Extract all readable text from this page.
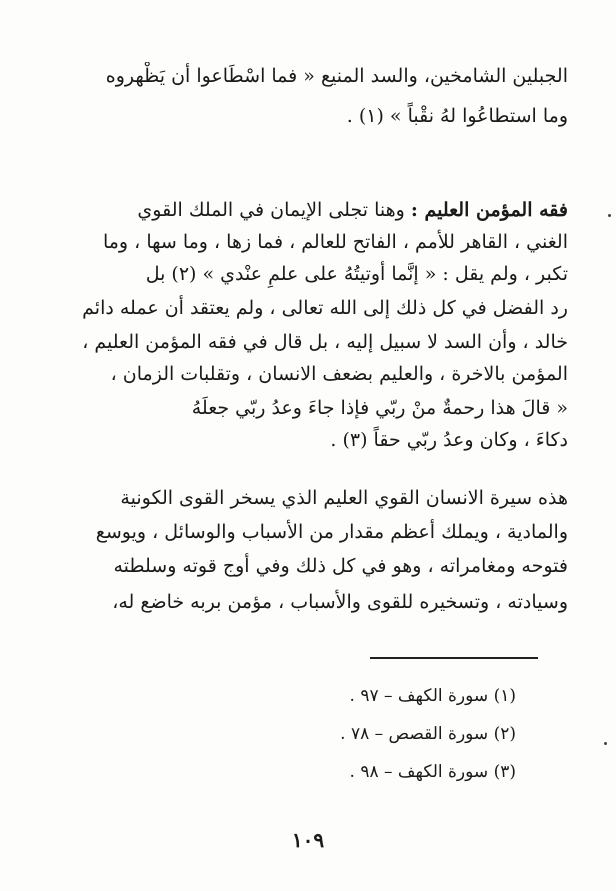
الجبلين الشامخين، والسد المنيع « فما اسْطَاعوا أن يَظْهروه
وما استطاعُوا لهُ نقْباً » (١) .
فقه المؤمن العليم : وهنا تجلى الإيمان في الملك القوي
الغني ، القاهر للأمم ، الفاتح للعالم ، فما زها ، وما سها ، وما
تكبر ، ولم يقل : « إنَّما أوتيتُهُ على علمٍ عنْدي » (٢) بل
رد الفضل في كل ذلك إلى الله تعالى ، ولم يعتقد أن عمله دائم
خالد ، وأن السد لا سبيل إليه ، بل قال في فقه المؤمن العليم ،
المؤمن بالاخرة ، والعليم بضعف الانسان ، وتقلبات الزمان ،
« قالَ هذا رحمةٌ منْ ربّي فإذا جاءَ وعدُ ربّي جعلَهُ
دكاءَ ، وكان وعدُ ربّي حقاً (٣) .
هذه سيرة الانسان القوي العليم الذي يسخر القوى الكونية
والمادية ، ويملك أعظم مقدار من الأسباب والوسائل ، ويوسع
فتوحه ومغامراته ، وهو في كل ذلك وفي أوج قوته وسلطته
وسيادته ، وتسخيره للقوى والأسباب ، مؤمن بربه خاضع له،
(١) سورة الكهف – ٩٧ .
(٢) سورة القصص – ٧٨ .
(٣) سورة الكهف – ٩٨ .
١٠٩
